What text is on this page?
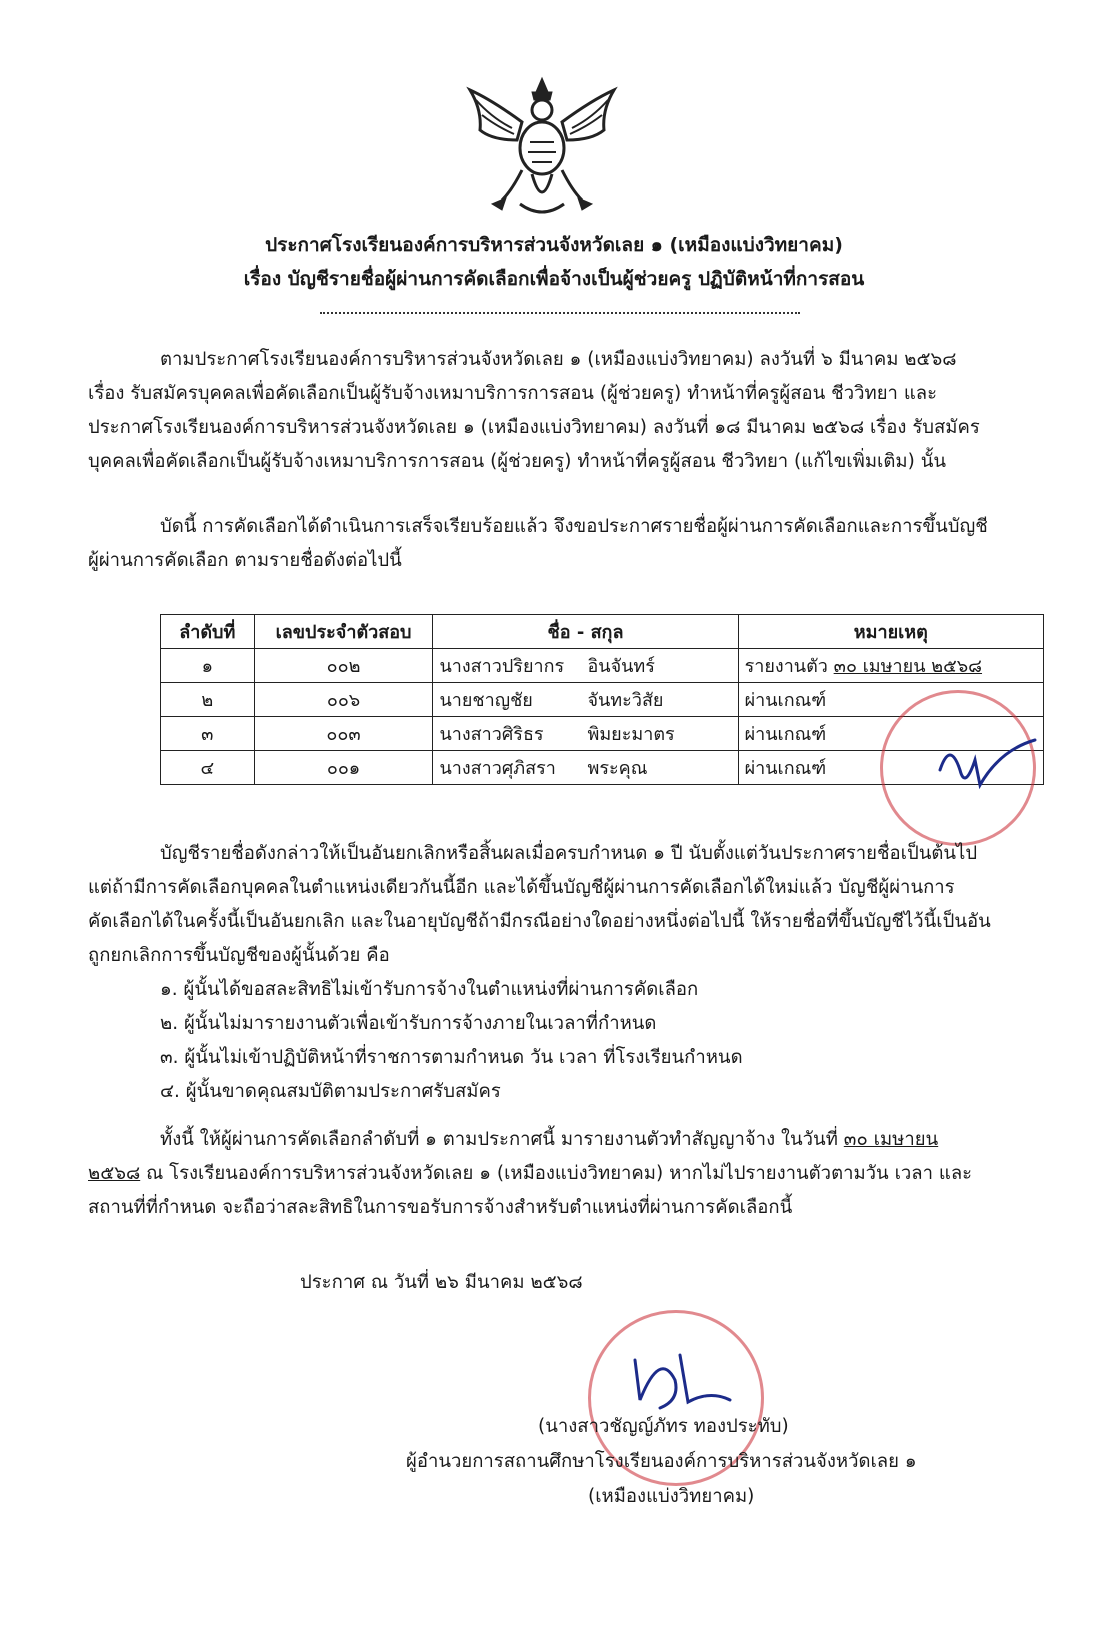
ประกาศโรงเรียนองค์การบริหารส่วนจังหวัดเลย ๑ (เหมืองแบ่งวิทยาคม)
เรื่อง บัญชีรายชื่อผู้ผ่านการคัดเลือกเพื่อจ้างเป็นผู้ช่วยครู ปฏิบัติหน้าที่การสอน
ตามประกาศโรงเรียนองค์การบริหารส่วนจังหวัดเลย ๑ (เหมืองแบ่งวิทยาคม) ลงวันที่ ๖ มีนาคม ๒๕๖๘
เรื่อง รับสมัครบุคคลเพื่อคัดเลือกเป็นผู้รับจ้างเหมาบริการการสอน (ผู้ช่วยครู) ทำหน้าที่ครูผู้สอน ชีววิทยา และ
ประกาศโรงเรียนองค์การบริหารส่วนจังหวัดเลย ๑ (เหมืองแบ่งวิทยาคม) ลงวันที่ ๑๘ มีนาคม ๒๕๖๘ เรื่อง รับสมัคร
บุคคลเพื่อคัดเลือกเป็นผู้รับจ้างเหมาบริการการสอน (ผู้ช่วยครู) ทำหน้าที่ครูผู้สอน ชีววิทยา (แก้ไขเพิ่มเติม) นั้น
บัดนี้ การคัดเลือกได้ดำเนินการเสร็จเรียบร้อยแล้ว จึงขอประกาศรายชื่อผู้ผ่านการคัดเลือกและการขึ้นบัญชี
ผู้ผ่านการคัดเลือก ตามรายชื่อดังต่อไปนี้
ลำดับที่	เลขประจำตัวสอบ	ชื่อ - สกุล	หมายเหตุ
๑	๐๐๒	นางสาวปริยากร อินจันทร์	รายงานตัว ๓๐ เมษายน ๒๕๖๘
๒	๐๐๖	นายชาญชัย จันทะวิสัย	ผ่านเกณฑ์
๓	๐๐๓	นางสาวศิริธร พิมยะมาตร	ผ่านเกณฑ์
๔	๐๐๑	นางสาวศุภิสรา พระคุณ	ผ่านเกณฑ์
บัญชีรายชื่อดังกล่าวให้เป็นอันยกเลิกหรือสิ้นผลเมื่อครบกำหนด ๑ ปี นับตั้งแต่วันประกาศรายชื่อเป็นต้นไป
แต่ถ้ามีการคัดเลือกบุคคลในตำแหน่งเดียวกันนี้อีก และได้ขึ้นบัญชีผู้ผ่านการคัดเลือกได้ใหม่แล้ว บัญชีผู้ผ่านการ
คัดเลือกได้ในครั้งนี้เป็นอันยกเลิก และในอายุบัญชีถ้ามีกรณีอย่างใดอย่างหนึ่งต่อไปนี้ ให้รายชื่อที่ขึ้นบัญชีไว้นี้เป็นอัน
ถูกยกเลิกการขึ้นบัญชีของผู้นั้นด้วย คือ
๑. ผู้นั้นได้ขอสละสิทธิไม่เข้ารับการจ้างในตำแหน่งที่ผ่านการคัดเลือก
๒. ผู้นั้นไม่มารายงานตัวเพื่อเข้ารับการจ้างภายในเวลาที่กำหนด
๓. ผู้นั้นไม่เข้าปฏิบัติหน้าที่ราชการตามกำหนด วัน เวลา ที่โรงเรียนกำหนด
๔. ผู้นั้นขาดคุณสมบัติตามประกาศรับสมัคร
ทั้งนี้ ให้ผู้ผ่านการคัดเลือกลำดับที่ ๑ ตามประกาศนี้ มารายงานตัวทำสัญญาจ้าง ในวันที่ ๓๐ เมษายน
๒๕๖๘ ณ โรงเรียนองค์การบริหารส่วนจังหวัดเลย ๑ (เหมืองแบ่งวิทยาคม) หากไม่ไปรายงานตัวตามวัน เวลา และ
สถานที่ที่กำหนด จะถือว่าสละสิทธิในการขอรับการจ้างสำหรับตำแหน่งที่ผ่านการคัดเลือกนี้
ประกาศ ณ วันที่ ๒๖ มีนาคม ๒๕๖๘
(นางสาวชัญญ์ภัทร ทองประทับ)
ผู้อำนวยการสถานศึกษาโรงเรียนองค์การบริหารส่วนจังหวัดเลย ๑
(เหมืองแบ่งวิทยาคม)
